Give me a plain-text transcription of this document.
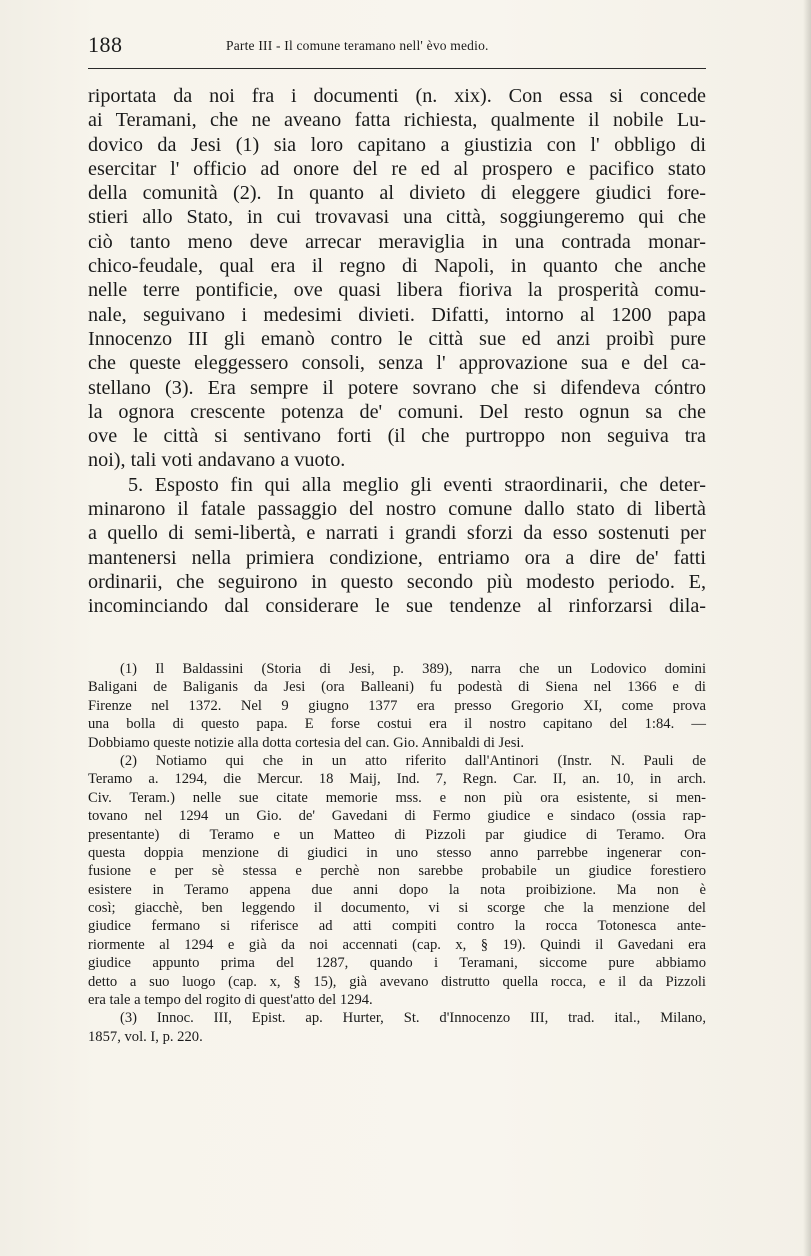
188	Parte III - Il comune teramano nell' èvo medio.
riportata da noi fra i documenti (n. xix). Con essa si concede
ai Teramani, che ne aveano fatta richiesta, qualmente il nobile Lu-
dovico da Jesi (1) sia loro capitano a giustizia con l' obbligo di
esercitar l' officio ad onore del re ed al prospero e pacifico stato
della comunità (2). In quanto al divieto di eleggere giudici fore-
stieri allo Stato, in cui trovavasi una città, soggiungeremo qui che
ciò tanto meno deve arrecar meraviglia in una contrada monar-
chico-feudale, qual era il regno di Napoli, in quanto che anche
nelle terre pontificie, ove quasi libera fioriva la prosperità comu-
nale, seguivano i medesimi divieti. Difatti, intorno al 1200 papa
Innocenzo III gli emanò contro le città sue ed anzi proibì pure
che queste eleggessero consoli, senza l' approvazione sua e del ca-
stellano (3). Era sempre il potere sovrano che si difendeva cóntro
la ognora crescente potenza de' comuni. Del resto ognun sa che
ove le città si sentivano forti (il che purtroppo non seguiva tra
noi), tali voti andavano a vuoto.
5. Esposto fin qui alla meglio gli eventi straordinarii, che deter-
minarono il fatale passaggio del nostro comune dallo stato di libertà
a quello di semi-libertà, e narrati i grandi sforzi da esso sostenuti per
mantenersi nella primiera condizione, entriamo ora a dire de' fatti
ordinarii, che seguirono in questo secondo più modesto periodo. E,
incominciando dal considerare le sue tendenze al rinforzarsi dila-
(1) Il Baldassini (Storia di Jesi, p. 389), narra che un Lodovico domini
Baligani de Baliganis da Jesi (ora Balleani) fu podestà di Siena nel 1366 e di
Firenze nel 1372. Nel 9 giugno 1377 era presso Gregorio XI, come prova
una bolla di questo papa. E forse costui era il nostro capitano del 1:84. —
Dobbiamo queste notizie alla dotta cortesia del can. Gio. Annibaldi di Jesi.
(2) Notiamo qui che in un atto riferito dall'Antinori (Instr. N. Pauli de
Teramo a. 1294, die Mercur. 18 Maij, Ind. 7, Regn. Car. II, an. 10, in arch.
Civ. Teram.) nelle sue citate memorie mss. e non più ora esistente, si men-
tovano nel 1294 un Gio. de' Gavedani di Fermo giudice e sindaco (ossia rap-
presentante) di Teramo e un Matteo di Pizzoli par giudice di Teramo. Ora
questa doppia menzione di giudici in uno stesso anno parrebbe ingenerar con-
fusione e per sè stessa e perchè non sarebbe probabile un giudice forestiero
esistere in Teramo appena due anni dopo la nota proibizione. Ma non è
così; giacchè, ben leggendo il documento, vi si scorge che la menzione del
giudice fermano si riferisce ad atti compiti contro la rocca Totonesca ante-
riormente al 1294 e già da noi accennati (cap. x, § 19). Quindi il Gavedani era
giudice appunto prima del 1287, quando i Teramani, siccome pure abbiamo
detto a suo luogo (cap. x, § 15), già avevano distrutto quella rocca, e il da Pizzoli
era tale a tempo del rogito di quest'atto del 1294.
(3) Innoc. III, Epist. ap. Hurter, St. d'Innocenzo III, trad. ital., Milano,
1857, vol. I, p. 220.
